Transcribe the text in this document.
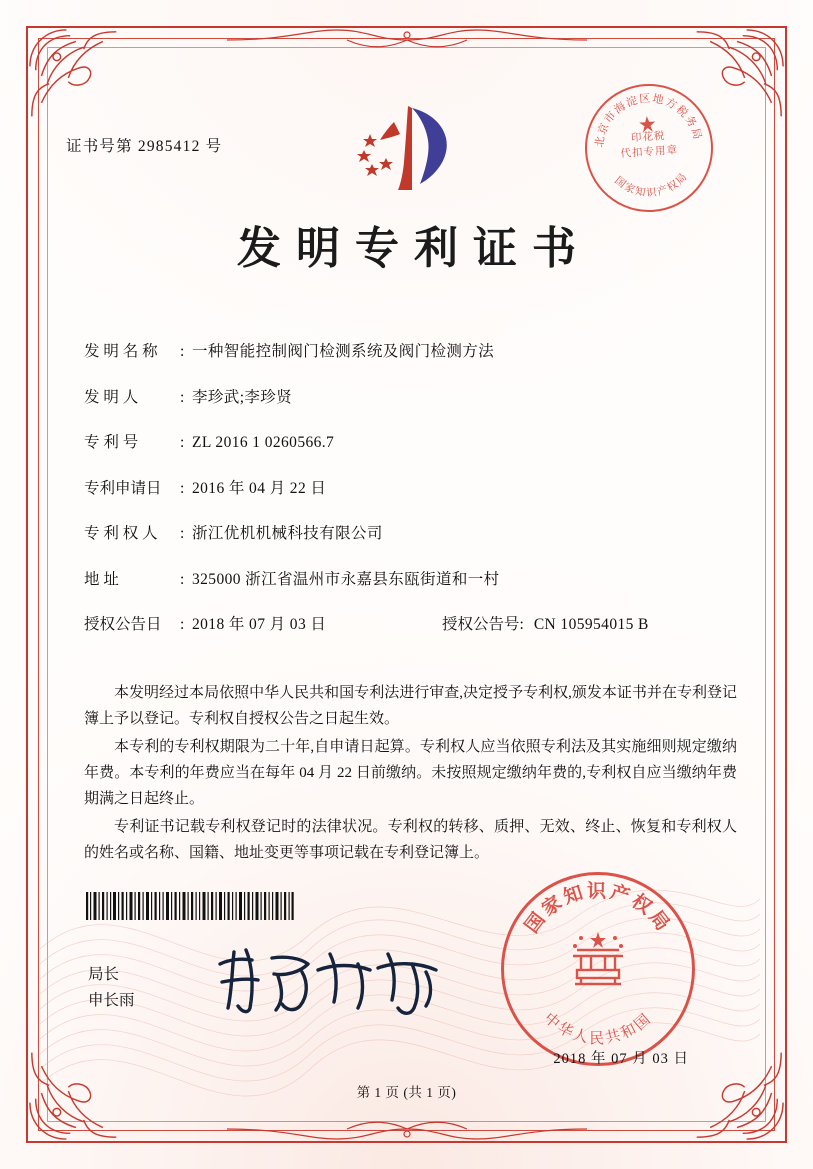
证书号第 2985412 号	北京市海淀区地方税务局
国家知识产权局
印花税
代扣专用章
发明专利证书
发 明 名 称	: 一种智能控制阀门检测系统及阀门检测方法
发 明 人	: 李珍武;李珍贤
专 利 号	: ZL 2016 1 0260566.7
专利申请日	: 2016 年 04 月 22 日
专 利 权 人	: 浙江优机机械科技有限公司
地 址	: 325000 浙江省温州市永嘉县东瓯街道和一村
授权公告日	: 2018 年 07 月 03 日	授权公告号: CN 105954015 B

本发明经过本局依照中华人民共和国专利法进行审查,决定授予专利权,颁发本证书并在专利登记簿上予以登记。专利权自授权公告之日起生效。

本专利的专利权期限为二十年,自申请日起算。专利权人应当依照专利法及其实施细则规定缴纳年费。本专利的年费应当在每年 04 月 22 日前缴纳。未按照规定缴纳年费的,专利权自应当缴纳年费期满之日起终止。

专利证书记载专利权登记时的法律状况。专利权的转移、质押、无效、终止、恢复和专利权人的姓名或名称、国籍、地址变更等事项记载在专利登记簿上。

局长
申长雨
国家知识产权局
中华人民共和国
2018 年 07 月 03 日
第 1 页 (共 1 页)
